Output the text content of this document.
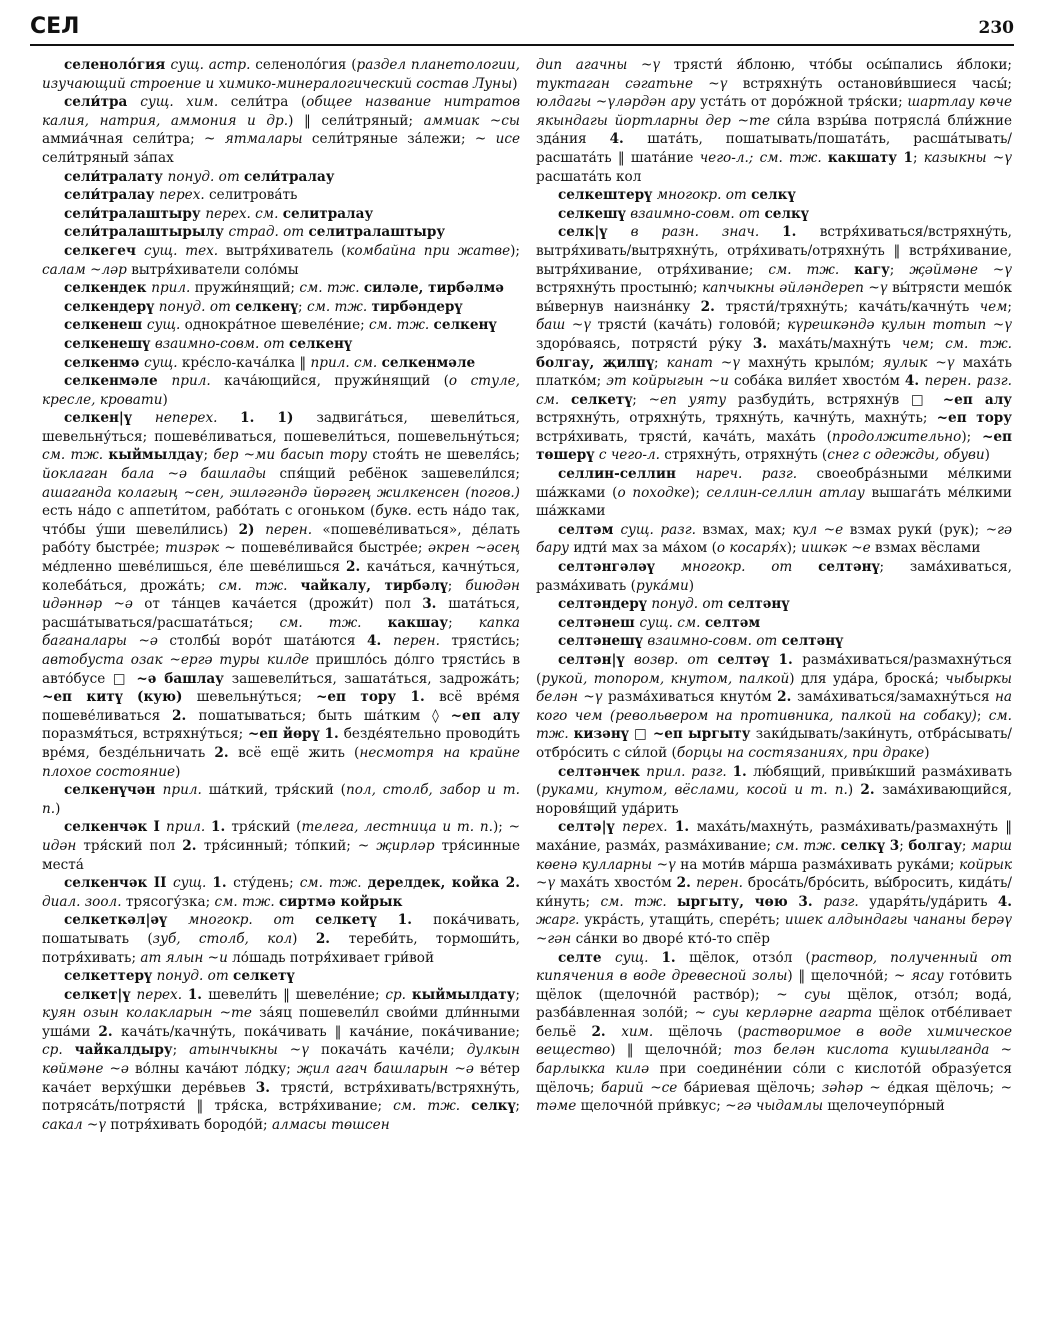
СЕЛ	230

селенолóгия сущ. астр. селенолóгия (раздел планетологии, изучающий строение и химико-минералогический состав Луны)

сели́тра сущ. хим. сели́тра (общее название нитратов калия, натрия, аммония и др.) ‖ сели́тряный; аммиак ~сы аммиа́чная сели́тра; ~ ятмалары сели́тряные за́лежи; ~ исе сели́тряный за́пах

сели́тралату понуд. от сели́тралау

сели́тралау перех. селитрова́ть

сели́тралаштыру перех. см. селитралау

сели́тралаштырылу страд. от селитралаштыру

селкегеч сущ. тех. вытря́хиватель (комбайна при жатве); салам ~ләр вытря́хиватели соло́мы

селкендек прил. пружи́нящий; см. тж. силәле, тирбәлмә

селкендерү понуд. от селкенү; см. тж. тирбәндерү

селкенеш сущ. однокра́тное шевеле́ние; см. тж. селкенү

селкенешү взаимно-совм. от селкенү

селкенмә сущ. кре́сло-кача́лка ‖ прил. см. селкенмәле

селкенмәле прил. кача́ющийся, пружи́нящий (о стуле, кресле, кровати)

селкен|ү неперех. 1. 1) задвига́ться, шевели́ться, шевельну́ться; пошеве́ливаться, пошевели́ться, пошевельну́ться; см. тж. кыймылдау; бер ~ми басып тору стоя́ть не шевеля́сь; йоклаган бала ~ә башлады спя́щий ребёнок зашевели́лся; ашаганда колагың ~сен, эшләгәндә йөрәгең жилкенсен (погов.) есть на́до с аппети́том, рабо́тать с огоньком (букв. есть на́до так, что́бы у́ши шевели́лись) 2) перен. «пошеве́ливаться», де́лать рабо́ту быстре́е; тизрәк ~ пошеве́ливайся быстре́е; әкрен ~әсең ме́дленно шеве́лишься, е́ле шеве́лишься 2. кача́ться, качну́ться, колеба́ться, дрожа́ть; см. тж. чайкалу, тирбәлү; биюдән идәннәр ~ә от та́нцев кача́ется (дрожи́т) пол 3. шата́ться, расша́тываться/расшата́ться; см. тж. какшау; капка баганалары ~ә столбы́ воро́т шата́ются 4. перен. трясти́сь; автобуста озак ~ергә туры килде пришло́сь до́лго трясти́сь в авто́бусе □ ~ә башлау зашевели́ться, зашата́ться, задрожа́ть; ~еп китү (кую) шевельну́ться; ~еп тору 1. всё вре́мя пошеве́ливаться 2. пошатываться; быть ша́тким ◊ ~еп алу поразмя́ться, встряхну́ться; ~еп йөрү 1. безде́ятельно проводи́ть вре́мя, безде́льничать 2. всё ещё жить (несмотря на крайне плохое состояние)

селкенүчән прил. ша́ткий, тря́ский (пол, столб, забор и т. п.)

селкенчәк I прил. 1. тря́ский (телега, лестница и т. п.); ~ идән тря́ский пол 2. тря́синный; то́пкий; ~ җирләр тря́синные места́

селкенчәк II сущ. 1. сту́день; см. тж. дерелдек, койка 2. диал. зоол. трясогу́зка; см. тж. сиртмә койрык

селкеткәл|әү многокр. от селкетү 1. пока́чивать, пошатывать (зуб, столб, кол) 2. тереби́ть, тормоши́ть, потря́хивать; ат ялын ~и ло́шадь потря́хивает гри́вой

селкеттерү понуд. от селкетү

селкет|ү перех. 1. шевели́ть ‖ шевеле́ние; ср. кыймылдату; куян озын колакларын ~те за́яц пошевели́л свои́ми дли́нными уша́ми 2. кача́ть/качну́ть, пока́чивать ‖ кача́ние, пока́чивание; ср. чайкалдыру; атынчыкны ~ү покача́ть каче́ли; дулкын көймәне ~ә во́лны кача́ют ло́дку; җил агач башларын ~ә ве́тер кача́ет верху́шки дере́вьев 3. трясти́, встря́хивать/встряхну́ть, потряса́ть/потрясти́ ‖ тря́ска, встря́хивание; см. тж. селкү; сакал ~ү потря́хивать бородо́й; алмасы төшсен

дип агачны ~ү трясти́ я́блоню, что́бы осы́пались я́блоки; туктаган сәгатьне ~ү встряхну́ть останови́вшиеся часы́; юлдагы ~үләрдән ару уста́ть от доро́жной тря́ски; шартлау көче якындагы йортларны дер ~те си́ла взры́ва потрясла́ бли́жние зда́ния 4. шата́ть, пошатывать/пошата́ть, расша́тывать/расшата́ть ‖ шата́ние чего-л.; см. тж. какшату 1; казыкны ~ү расшата́ть кол

селкештерү многокр. от селкү

селкешү взаимно-совм. от селкү

селк|ү в разн. знач. 1. встря́хиваться/встряхну́ть, вытря́хивать/вытряхну́ть, отря́хивать/отряхну́ть ‖ встря́хивание, вытря́хивание, отря́хивание; см. тж. кагу; җәймәне ~ү встряхну́ть простыню́; капчыкны әйләндереп ~ү вы́трясти мешо́к вы́вернув наизна́нку 2. трясти́/тряхну́ть; кача́ть/качну́ть чем; баш ~ү трясти́ (кача́ть) голово́й; күрешкәндә кулын тотып ~ү здоро́ваясь, потрясти́ ру́ку 3. маха́ть/махну́ть чем; см. тж. болгау, җилпү; канат ~ү махну́ть крыло́м; яулык ~ү маха́ть платко́м; эт койрыгын ~и соба́ка виля́ет хвосто́м 4. перен. разг. см. селкетү; ~еп уяту разбуди́ть, встряхну́в □ ~еп алу встряхну́ть, отряхну́ть, тряхну́ть, качну́ть, махну́ть; ~еп тору встря́хивать, трясти́, кача́ть, маха́ть (продолжительно); ~еп төшерү с чего-л. стряхну́ть, отряхну́ть (снег с одежды, обуви)

селлин-селлин нареч. разг. своеобра́зными ме́лкими ша́жками (о походке); селлин-селлин атлау вышага́ть ме́лкими ша́жками

селтәм сущ. разг. взмах, мах; кул ~е взмах руки́ (рук); ~гә бару идти́ мах за ма́хом (о косаря́х); ишкәк ~е взмах вёслами

селтәнгәләү многокр. от селтәнү; зама́хиваться, разма́хивать (рука́ми)

селтәндерү понуд. от селтәнү

селтәнеш сущ. см. селтәм

селтәнешү взаимно-совм. от селтәнү

селтән|ү возвр. от селтәү 1. разма́хиваться/размахну́ться (рукой, топором, кнутом, палкой) для уда́ра, броска́; чыбыркы белән ~ү разма́хиваться кнуто́м 2. зама́хиваться/замахну́ться на кого чем (револьвером на противника, палкой на собаку); см. тж. кизәнү □ ~еп ыргыту заки́дывать/заки́нуть, отбра́сывать/отбро́сить с си́лой (борцы на состязаниях, при драке)

селтәнчек прил. разг. 1. лю́бящий, привы́кший разма́хивать (руками, кнутом, вёслами, косой и т. п.) 2. зама́хивающийся, норовя́щий уда́рить

селтә|ү перех. 1. маха́ть/махну́ть, разма́хивать/размахну́ть ‖ маха́ние, разма́х, разма́хивание; см. тж. селкү 3; болгау; марш көенә кулларны ~ү на моти́в ма́рша разма́хивать рука́ми; койрык ~ү маха́ть хвосто́м 2. перен. броса́ть/бро́сить, вы́бросить, кида́ть/ки́нуть; см. тж. ыргыту, чөю 3. разг. ударя́ть/уда́рить 4. жарг. укра́сть, утащи́ть, спере́ть; ишек алдындагы чананы берәү ~гән са́нки во дворе́ кто́-то спёр

селте сущ. 1. щёлок, отзо́л (раствор, полученный от кипячения в воде древесной золы) ‖ щелочно́й; ~ ясау гото́вить щёлок (щелочно́й раство́р); ~ суы щёлок, отзо́л; вода́, разба́вленная золо́й; ~ суы керләрне агарта щёлок отбе́ливает бельё 2. хим. щёлочь (растворимое в воде химическое вещество) ‖ щелочно́й; тоз белән кислота кушылганда ~ барлыкка килә при соедине́нии со́ли с кислото́й образу́ется щёлочь; барий ~се ба́риевая щёлочь; зәһәр ~ е́дкая щёлочь; ~ тәме щелочно́й при́вкус; ~гә чыдамлы щелочеупо́рный
